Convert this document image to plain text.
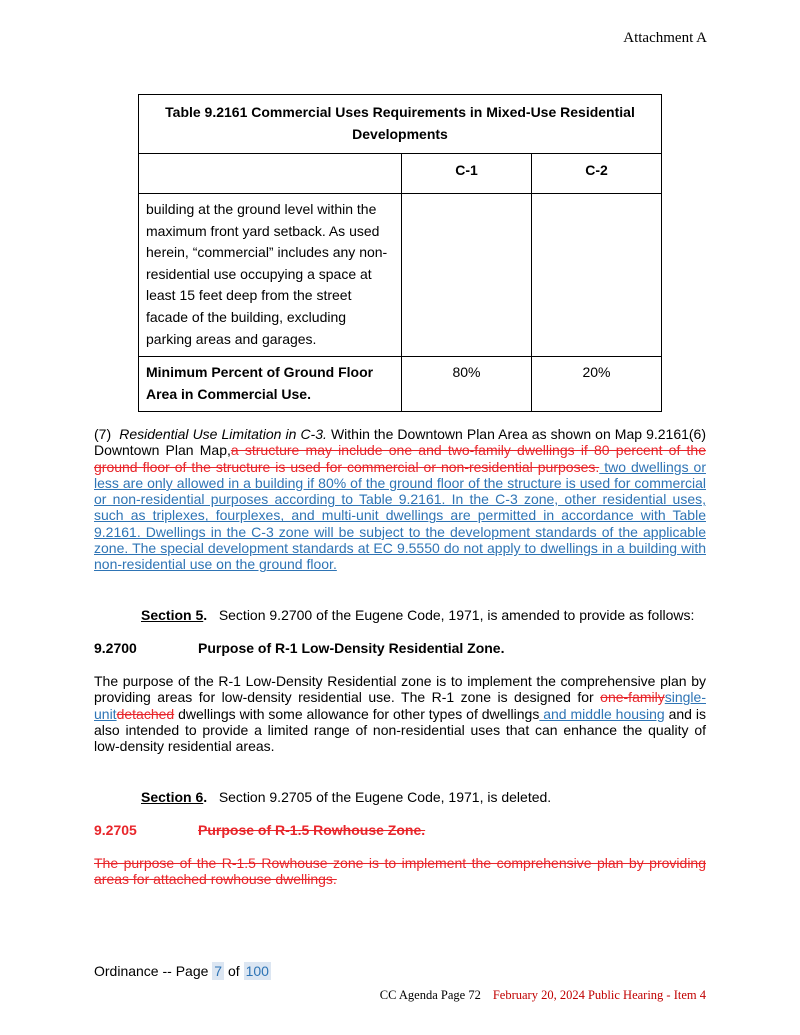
Attachment A
Table 9.2161 Commercial Uses Requirements in Mixed-Use Residential Developments		
	C-1	C-2
building at the ground level within the maximum front yard setback. As used herein, “commercial” includes any non-residential use occupying a space at least 15 feet deep from the street facade of the building, excluding parking areas and garages.		
Minimum Percent of Ground Floor Area in Commercial Use.	80%	20%
(7) Residential Use Limitation in C-3. Within the Downtown Plan Area as shown on Map 9.2161(6) Downtown Plan Map,a structure may include one and two-family dwellings if 80 percent of the ground floor of the structure is used for commercial or non-residential purposes. two dwellings or less are only allowed in a building if 80% of the ground floor of the structure is used for commercial or non-residential purposes according to Table 9.2161. In the C-3 zone, other residential uses, such as triplexes, fourplexes, and multi-unit dwellings are permitted in accordance with Table 9.2161. Dwellings in the C-3 zone will be subject to the development standards of the applicable zone. The special development standards at EC 9.5550 do not apply to dwellings in a building with non-residential use on the ground floor.
Section 5. Section 9.2700 of the Eugene Code, 1971, is amended to provide as follows:
9.2700	Purpose of R-1 Low-Density Residential Zone.
The purpose of the R-1 Low-Density Residential zone is to implement the comprehensive plan by providing areas for low-density residential use. The R-1 zone is designed for one-familysingle-unitdetached dwellings with some allowance for other types of dwellings and middle housing and is also intended to provide a limited range of non-residential uses that can enhance the quality of low-density residential areas.
Section 6. Section 9.2705 of the Eugene Code, 1971, is deleted.
9.2705	Purpose of R-1.5 Rowhouse Zone.
The purpose of the R-1.5 Rowhouse zone is to implement the comprehensive plan by providing areas for attached rowhouse dwellings.
Ordinance -- Page 7 of 100
CC Agenda Page 72 February 20, 2024 Public Hearing - Item 4
